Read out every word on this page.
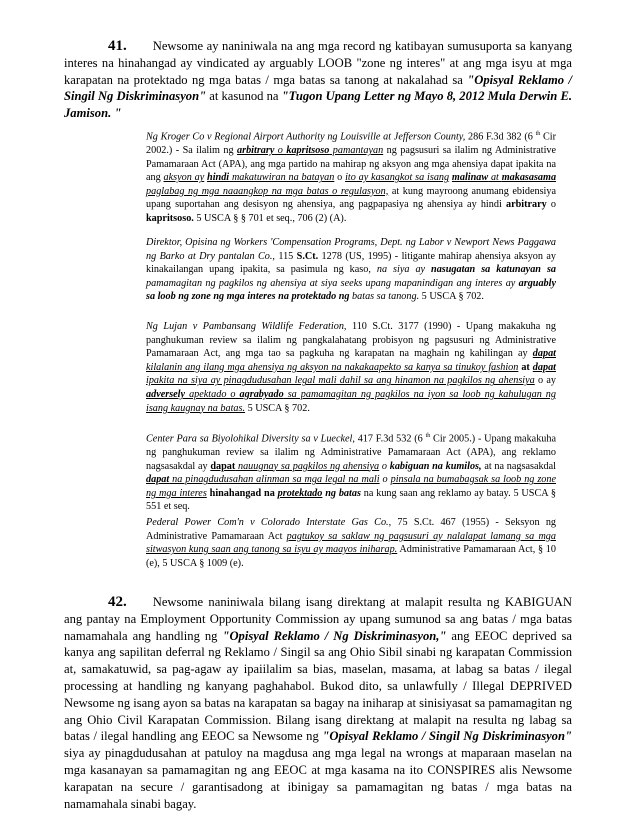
41. Newsome ay naniniwala na ang mga record ng katibayan sumusuporta sa kanyang interes na hinahangad ay vindicated ay arguably LOOB "zone ng interes" at ang mga isyu at mga karapatan na protektado ng mga batas / mga batas sa tanong at nakalahad sa "Opisyal Reklamo / Singil Ng Diskriminasyon" at kasunod na "Tugon Upang Letter ng Mayo 8, 2012 Mula Derwin E. Jamison. "

Ng Kroger Co v Regional Airport Authority ng Louisville at Jefferson County, 286 F.3d 382 (6 $^{th}$ Cir 2002.) - Sa ilalim ng arbitrary o kapritsoso pamantayan ng pagsusuri sa ilalim ng Administrative Pamamaraan Act (APA), ang mga partido na mahirap ng aksyon ang mga ahensiya dapat ipakita na ang aksyon ay hindi makatuwiran na batayan o ito ay kasangkot sa isang malinaw at makasasama paglabag ng mga naaangkop na mga batas o regulasyon, at kung mayroong anumang ebidensiya upang suportahan ang desisyon ng ahensiya, ang pagpapasiya ng ahensiya ay hindi arbitrary o kapritsoso. 5 USCA § § 701 et seq., 706 (2) (A).

Direktor, Opisina ng Workers 'Compensation Programs, Dept. ng Labor v Newport News Paggawa ng Barko at Dry pantalan Co., 115 S.Ct. 1278 (US, 1995) - litigante mahirap ahensiya aksyon ay kinakailangan upang ipakita, sa pasimula ng kaso, na siya ay nasugatan sa katunayan sa pamamagitan ng pagkilos ng ahensiya at siya seeks upang mapanindigan ang interes ay arguably sa loob ng zone ng mga interes na protektado ng batas sa tanong. 5 USCA § 702.

Ng Lujan v Pambansang Wildlife Federation, 110 S.Ct. 3177 (1990) - Upang makakuha ng panghukuman review sa ilalim ng pangkalahatang probisyon ng pagsusuri ng Administrative Pamamaraan Act, ang mga tao sa pagkuha ng karapatan na maghain ng kahilingan ay dapat kilalanin ang ilang mga ahensiya ng aksyon na nakakaapekto sa kanya sa tinukoy fashion at dapat ipakita na siya ay pinagdudusahan legal mali dahil sa ang hinamon na pagkilos ng ahensiya o ay adversely apektado o agrabyado sa pamamagitan ng pagkilos na iyon sa loob ng kahulugan ng isang kaugnay na batas. 5 USCA § 702.

Center Para sa Biyolohikal Diversity sa v Lueckel, 417 F.3d 532 (6 $^{th}$ Cir 2005.) - Upang makakuha ng panghukuman review sa ilalim ng Administrative Pamamaraan Act (APA), ang reklamo nagsasakdal ay dapat nauugnay sa pagkilos ng ahensiya o kabiguan na kumilos, at na nagsasakdal dapat na pinagdudusahan alinman sa mga legal na mali o pinsala na bumabagsak sa loob ng zone ng mga interes hinahangad na protektado ng batas na kung saan ang reklamo ay batay. 5 USCA § 551 et seq.

Pederal Power Com'n v Colorado Interstate Gas Co., 75 S.Ct. 467 (1955) - Seksyon ng Administrative Pamamaraan Act pagtukoy sa saklaw ng pagsusuri ay nalalapat lamang sa mga sitwasyon kung saan ang tanong sa isyu ay maayos iniharap. Administrative Pamamaraan Act, § 10 (e), 5 USCA § 1009 (e).

42. Newsome naniniwala bilang isang direktang at malapit resulta ng KABIGUAN ang pantay na Employment Opportunity Commission ay upang sumunod sa ang batas / mga batas namamahala ang handling ng "Opisyal Reklamo / Ng Diskriminasyon," ang EEOC deprived sa kanya ang sapilitan deferral ng Reklamo / Singil sa ang Ohio Sibil sinabi ng karapatan Commission at, samakatuwid, sa pag-agaw ay ipaiilalim sa bias, maselan, masama, at labag sa batas / ilegal processing at handling ng kanyang paghahabol. Bukod dito, sa unlawfully / Illegal DEPRIVED Newsome ng isang ayon sa batas na karapatan sa bagay na iniharap at sinisiyasat sa pamamagitan ng ang Ohio Civil Karapatan Commission. Bilang isang direktang at malapit na resulta ng labag sa batas / ilegal handling ang EEOC sa Newsome ng "Opisyal Reklamo / Singil Ng Diskriminasyon" siya ay pinagdudusahan at patuloy na magdusa ang mga legal na wrongs at maparaan maselan na mga kasanayan sa pamamagitan ng ang EEOC at mga kasama na ito CONSPIRES alis Newsome karapatan na secure / garantisadong at ibinigay sa pamamagitan ng batas / mga batas na namamahala sinabi bagay.
